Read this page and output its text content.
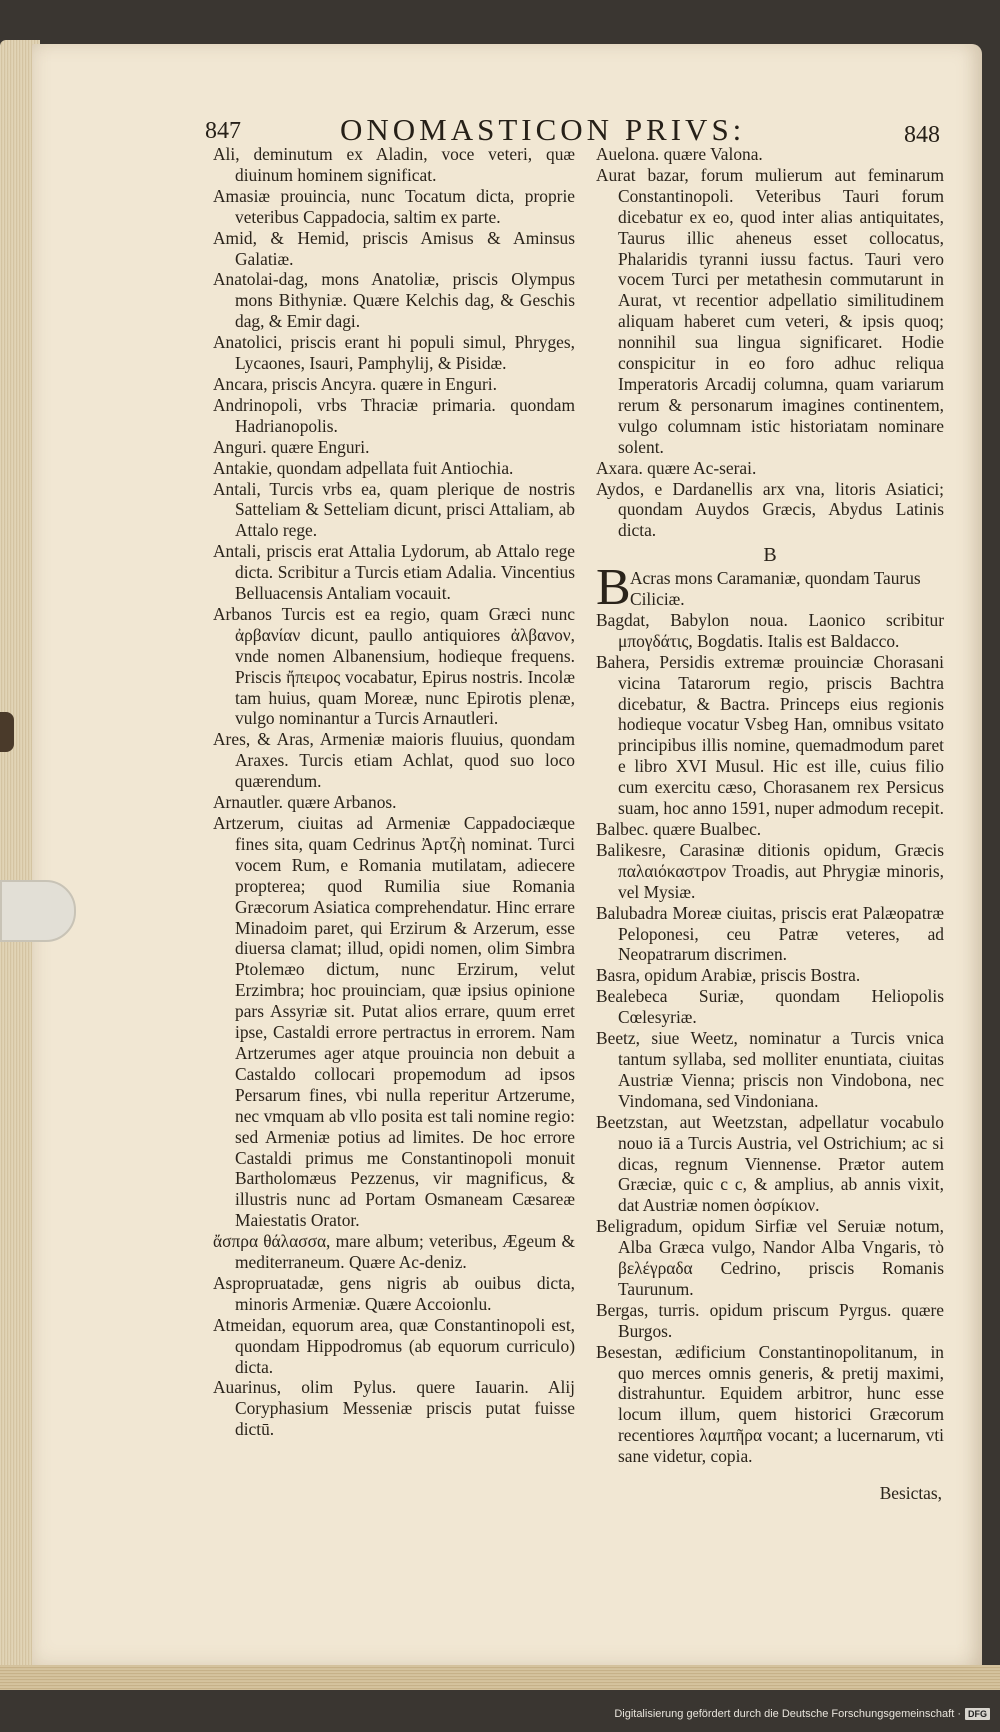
847	ONOMASTICON PRIVS:	848

Ali, deminutum ex Aladin, voce veteri, quæ diuinum hominem significat.

Amasiæ prouincia, nunc Tocatum dicta, proprie veteribus Cappadocia, saltim ex parte.

Amid, & Hemid, priscis Amisus & Aminsus Galatiæ.

Anatolai-dag, mons Anatoliæ, priscis Olympus mons Bithyniæ. Quære Kelchis dag, & Geschis dag, & Emir dagi.

Anatolici, priscis erant hi populi simul, Phryges, Lycaones, Isauri, Pamphylij, & Pisidæ.

Ancara, priscis Ancyra. quære in Enguri.

Andrinopoli, vrbs Thraciæ primaria. quondam Hadrianopolis.

Anguri. quære Enguri.

Antakie, quondam adpellata fuit Antiochia.

Antali, Turcis vrbs ea, quam plerique de nostris Satteliam & Setteliam dicunt, prisci Attaliam, ab Attalo rege.

Antali, priscis erat Attalia Lydorum, ab Attalo rege dicta. Scribitur a Turcis etiam Adalia. Vincentius Belluacensis Antaliam vocauit.

Arbanos Turcis est ea regio, quam Græci nunc ἀρβανίαν dicunt, paullo antiquiores ἀλβανον, vnde nomen Albanensium, hodieque frequens. Priscis ἤπειρος vocabatur, Epirus nostris. Incolæ tam huius, quam Moreæ, nunc Epirotis plenæ, vulgo nominantur a Turcis Arnautleri.

Ares, & Aras, Armeniæ maioris fluuius, quondam Araxes. Turcis etiam Achlat, quod suo loco quærendum.

Arnautler. quære Arbanos.

Artzerum, ciuitas ad Armeniæ Cappadociæque fines sita, quam Cedrinus Ἀρτζὴ nominat. Turci vocem Rum, e Romania mutilatam, adiecere propterea; quod Rumilia siue Romania Græcorum Asiatica comprehendatur. Hinc errare Minadoim paret, qui Erzirum & Arzerum, esse diuersa clamat; illud, opidi nomen, olim Simbra Ptolemæo dictum, nunc Erzirum, velut Erzimbra; hoc prouinciam, quæ ipsius opinione pars Assyriæ sit. Putat alios errare, quum erret ipse, Castaldi errore pertractus in errorem. Nam Artzerumes ager atque prouincia non debuit a Castaldo collocari propemodum ad ipsos Persarum fines, vbi nulla reperitur Artzerume, nec vmquam ab vllo posita est tali nomine regio: sed Armeniæ potius ad limites. De hoc errore Castaldi primus me Constantinopoli monuit Bartholomæus Pezzenus, vir magnificus, & illustris nunc ad Portam Osmaneam Cæsareæ Maiestatis Orator.

ἄσπρα θάλασσα, mare album; veteribus, Ægeum & mediterraneum. Quære Ac-deniz.

Aspropruatadæ, gens nigris ab ouibus dicta, minoris Armeniæ. Quære Accoionlu.

Atmeidan, equorum area, quæ Constantinopoli est, quondam Hippodromus (ab equorum curriculo) dicta.

Auarinus, olim Pylus. quere Iauarin. Alij Coryphasium Messeniæ priscis putat fuisse dictū.

Auelona. quære Valona.

Aurat bazar, forum mulierum aut feminarum Constantinopoli. Veteribus Tauri forum dicebatur ex eo, quod inter alias antiquitates, Taurus illic aheneus esset collocatus, Phalaridis tyranni iussu factus. Tauri vero vocem Turci per metathesin commutarunt in Aurat, vt recentior adpellatio similitudinem aliquam haberet cum veteri, & ipsis quoq; nonnihil sua lingua significaret. Hodie conspicitur in eo foro adhuc reliqua Imperatoris Arcadij columna, quam variarum rerum & personarum imagines continentem, vulgo columnam istic historiatam nominare solent.

Axara. quære Ac-serai.

Aydos, e Dardanellis arx vna, litoris Asiatici; quondam Auydos Græcis, Abydus Latinis dicta.

B

B Acras mons Caramaniæ, quondam Taurus Ciliciæ.

Bagdat, Babylon noua. Laonico scribitur μπογδάτις, Bogdatis. Italis est Baldacco.

Bahera, Persidis extremæ prouinciæ Chorasani vicina Tatarorum regio, priscis Bachtra dicebatur, & Bactra. Princeps eius regionis hodieque vocatur Vsbeg Han, omnibus vsitato principibus illis nomine, quemadmodum paret e libro XVI Musul. Hic est ille, cuius filio cum exercitu cæso, Chorasanem rex Persicus suam, hoc anno 1591, nuper admodum recepit.

Balbec. quære Bualbec.

Balikesre, Carasinæ ditionis opidum, Græcis παλαιόκαστρον Troadis, aut Phrygiæ minoris, vel Mysiæ.

Balubadra Moreæ ciuitas, priscis erat Palæopatræ Peloponesi, ceu Patræ veteres, ad Neopatrarum discrimen.

Basra, opidum Arabiæ, priscis Bostra.

Bealebeca Suriæ, quondam Heliopolis Cœlesyriæ.

Beetz, siue Weetz, nominatur a Turcis vnica tantum syllaba, sed molliter enuntiata, ciuitas Austriæ Vienna; priscis non Vindobona, nec Vindomana, sed Vindoniana.

Beetzstan, aut Weetzstan, adpellatur vocabulo nouo iā a Turcis Austria, vel Ostrichium; ac si dicas, regnum Viennense. Prætor autem Græciæ, quic c c, & amplius, ab annis vixit, dat Austriæ nomen ὀσρίκιον.

Beligradum, opidum Sirfiæ vel Seruiæ notum, Alba Græca vulgo, Nandor Alba Vngaris, τὸ βελέγραδα Cedrino, priscis Romanis Taurunum.

Bergas, turris. opidum priscum Pyrgus. quære Burgos.

Besestan, ædificium Constantinopolitanum, in quo merces omnis generis, & pretij maximi, distrahuntur. Equidem arbitror, hunc esse locum illum, quem historici Græcorum recentiores λαμπῆρα vocant; a lucernarum, vti sane videtur, copia.

Besictas,
Digitalisierung gefördert durch die Deutsche Forschungsgemeinschaft · DFG
